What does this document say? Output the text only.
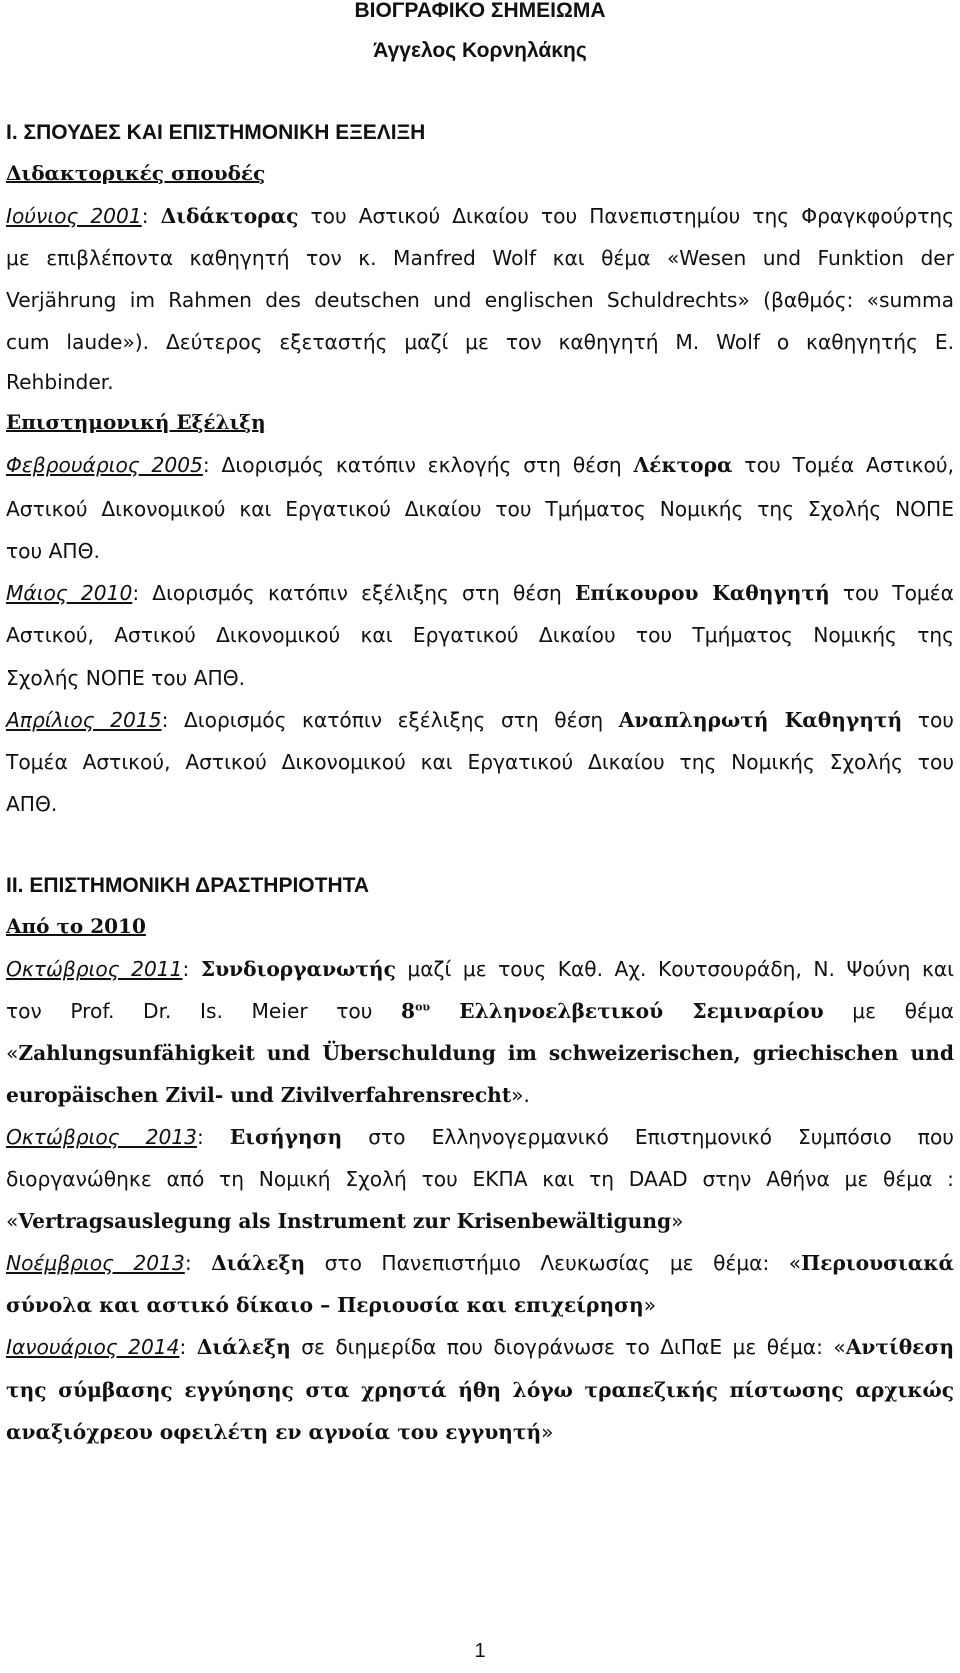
ΒΙΟΓΡΑΦΙΚΟ ΣΗΜΕΙΩΜΑ
Άγγελος Κορνηλάκης
Ι. ΣΠΟΥΔΕΣ ΚΑΙ ΕΠΙΣΤΗΜΟΝΙΚΗ ΕΞΕΛΙΞΗ
Διδακτορικές σπουδές
Ιούνιος 2001: Διδάκτορας του Αστικού Δικαίου του Πανεπιστημίου της Φραγκφούρτης
με επιβλέποντα καθηγητή τον κ. Manfred Wolf και θέμα «Wesen und Funktion der
Verjährung im Rahmen des deutschen und englischen Schuldrechts» (βαθμός: «summa
cum laude»). Δεύτερος εξεταστής μαζί με τον καθηγητή M. Wolf ο καθηγητής E.
Rehbinder.
Επιστημονική Εξέλιξη
Φεβρουάριος 2005: Διορισμός κατόπιν εκλογής στη θέση Λέκτορα του Τομέα Αστικού,
Αστικού Δικονομικού και Εργατικού Δικαίου του Τμήματος Νομικής της Σχολής ΝΟΠΕ
του ΑΠΘ.
Μάιος 2010: Διορισμός κατόπιν εξέλιξης στη θέση Επίκουρου Καθηγητή του Τομέα
Αστικού, Αστικού Δικονομικού και Εργατικού Δικαίου του Τμήματος Νομικής της
Σχολής ΝΟΠΕ του ΑΠΘ.
Απρίλιος 2015: Διορισμός κατόπιν εξέλιξης στη θέση Αναπληρωτή Καθηγητή του
Τομέα Αστικού, Αστικού Δικονομικού και Εργατικού Δικαίου της Νομικής Σχολής του
ΑΠΘ.
ΙΙ. ΕΠΙΣΤΗΜΟΝΙΚΗ ΔΡΑΣΤΗΡΙΟΤΗΤΑ
Από το 2010
Οκτώβριος 2011: Συνδιοργανωτής μαζί με τους Καθ. Αχ. Κουτσουράδη, Ν. Ψούνη και
τον Prof. Dr. Is. Meier του $8^{o\upsilon}$ Ελληνοελβετικού Σεμιναρίου με θέμα
«Zahlungsunfähigkeit und Überschuldung im schweizerischen, griechischen und
europäischen Zivil- und Zivilverfahrensrecht».
Οκτώβριος 2013: Εισήγηση στο Ελληνογερμανικό Επιστημονικό Συμπόσιο που
διοργανώθηκε από τη Νομική Σχολή του ΕΚΠΑ και τη DAAD στην Αθήνα με θέμα :
«Vertragsauslegung als Instrument zur Krisenbewältigung»
Νοέμβριος 2013: Διάλεξη στο Πανεπιστήμιο Λευκωσίας με θέμα: «Περιουσιακά
σύνολα και αστικό δίκαιο – Περιουσία και επιχείρηση»
Ιανουάριος 2014: Διάλεξη σε διημερίδα που διογράνωσε το ΔιΠαΕ με θέμα: «Αντίθεση
της σύμβασης εγγύησης στα χρηστά ήθη λόγω τραπεζικής πίστωσης αρχικώς
αναξιόχρεου οφειλέτη εν αγνοία του εγγυητή»
1
